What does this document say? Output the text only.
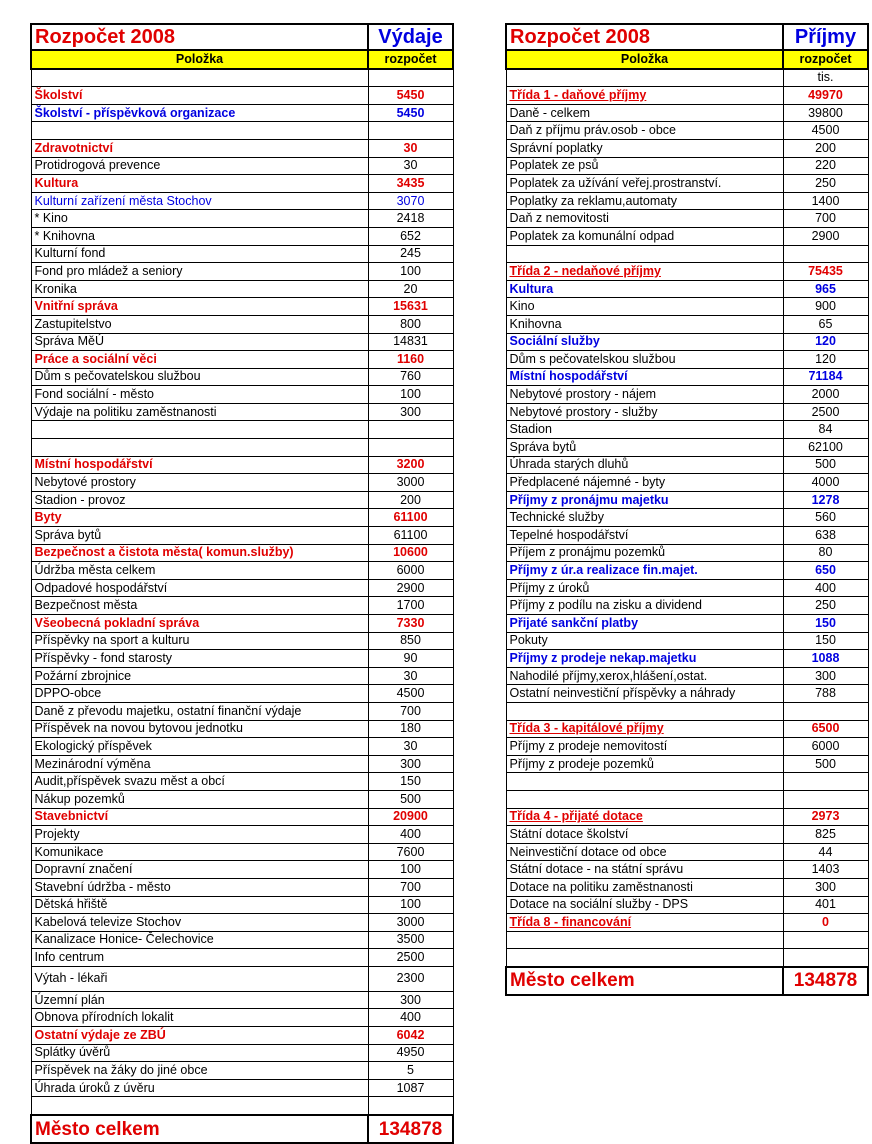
Rozpočet 2008	Výdaje
Položka	rozpočet

Školství	5450
Školství - příspěvková organizace	5450

Zdravotnictví	30
Protidrogová prevence	30
Kultura	3435
Kulturní zařízení města Stochov	3070
* Kino	2418
* Knihovna	652
Kulturní fond	245
Fond pro mládež a seniory	100
Kronika	20
Vnitřní správa	15631
Zastupitelstvo	800
Správa MěÚ	14831
Práce a sociální věci	1160
Dům s pečovatelskou službou	760
Fond sociální - město	100
Výdaje na politiku zaměstnanosti	300

Místní hospodářství	3200
Nebytové prostory	3000
Stadion - provoz	200
Byty	61100
Správa bytů	61100
Bezpečnost a čistota města( komun.služby)	10600
Údržba města celkem	6000
Odpadové hospodářství	2900
Bezpečnost města	1700
Všeobecná pokladní správa	7330
Příspěvky na sport a kulturu	850
Příspěvky - fond starosty	90
Požární zbrojnice	30
DPPO-obce	4500
Daně z převodu majetku, ostatní finanční výdaje	700
Příspěvek na novou bytovou jednotku	180
Ekologický příspěvek	30
Mezinárodní výměna	300
Audit,příspěvek svazu měst a obcí	150
Nákup pozemků	500
Stavebnictví	20900
Projekty	400
Komunikace	7600
Dopravní značení	100
Stavební údržba - město	700
Dětská hřiště	100
Kabelová televize Stochov	3000
Kanalizace Honice- Čelechovice	3500
Info centrum	2500
Výtah - lékaři	2300
Územní plán	300
Obnova přírodních lokalit	400
Ostatní výdaje ze ZBÚ	6042
Splátky úvěrů	4950
Příspěvek na žáky do jiné obce	5
Úhrada úroků z úvěru	1087

Město celkem	134878
Rozpočet 2008	Příjmy
Položka	rozpočet
	tis.
Třída 1 - daňové příjmy	49970
Daně - celkem	39800
Daň z příjmu práv.osob - obce	4500
Správní poplatky	200
Poplatek ze psů	220
Poplatek za užívání veřej.prostranství.	250
Poplatky za reklamu,automaty	1400
Daň z nemovitosti	700
Poplatek za komunální odpad	2900

Třída 2 - nedaňové příjmy	75435
Kultura	965
Kino	900
Knihovna	65
Sociální služby	120
Dům s pečovatelskou službou	120
Místní hospodářství	71184
Nebytové prostory - nájem	2000
Nebytové prostory - služby	2500
Stadion	84
Správa bytů	62100
Úhrada starých dluhů	500
Předplacené nájemné - byty	4000
Příjmy z pronájmu majetku	1278
Technické služby	560
Tepelné hospodářství	638
Příjem z pronájmu pozemků	80
Příjmy z úr.a realizace fin.majet.	650
Příjmy z úroků	400
Příjmy z podílu na zisku a dividend	250
Přijaté sankční platby	150
Pokuty	150
Příjmy z prodeje nekap.majetku	1088
Nahodilé příjmy,xerox,hlášení,ostat.	300
Ostatní neinvestiční příspěvky a náhrady	788

Třída 3 - kapitálové příjmy	6500
Příjmy z prodeje nemovitostí	6000
Příjmy z prodeje pozemků	500

Třída 4 - přijaté dotace	2973
Státní dotace školství	825
Neinvestiční dotace od obce	44
Státní dotace - na státní správu	1403
Dotace na politiku zaměstnanosti	300
Dotace na sociální služby - DPS	401
Třída 8 - financování	0

Město celkem	134878
